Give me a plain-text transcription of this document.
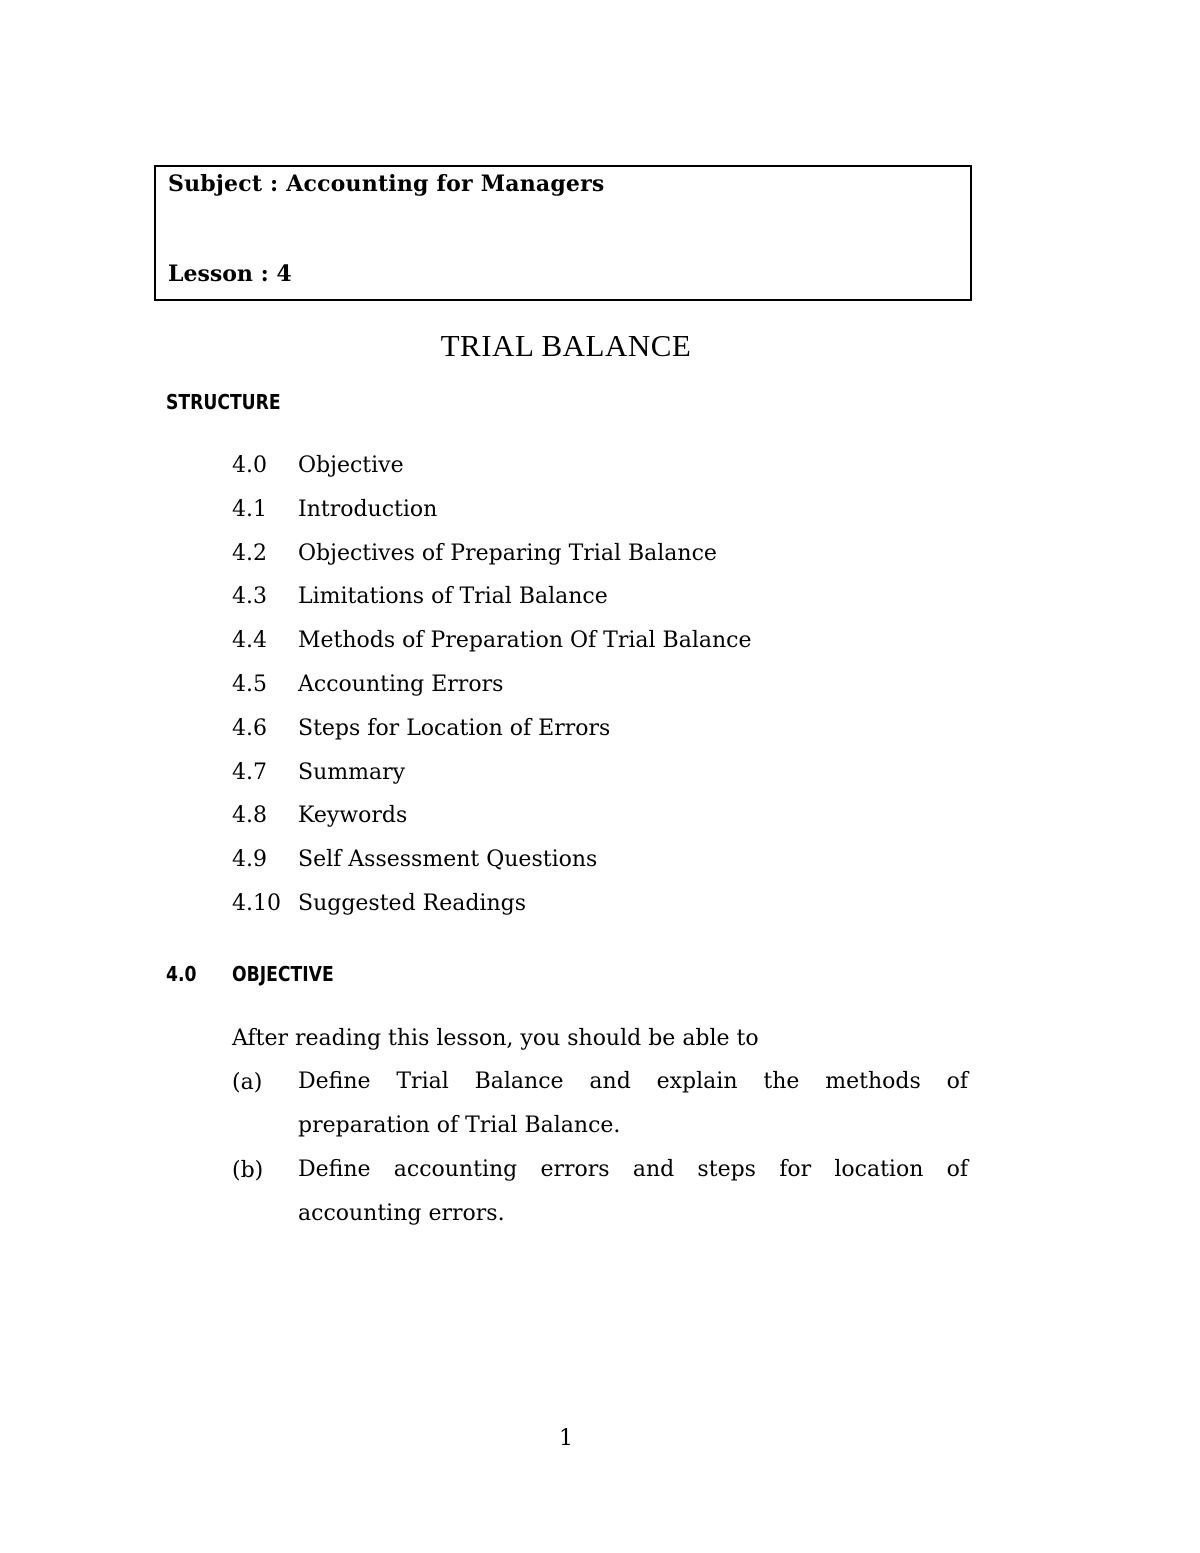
Subject : Accounting for Managers
Lesson : 4
TRIAL BALANCE
STRUCTURE
4.0	Objective
4.1	Introduction
4.2	Objectives of Preparing Trial Balance
4.3	Limitations of Trial Balance
4.4	Methods of Preparation Of Trial Balance
4.5	Accounting Errors
4.6	Steps for Location of Errors
4.7	Summary
4.8	Keywords
4.9	Self Assessment Questions
4.10 Suggested Readings
4.0 OBJECTIVE
After reading this lesson, you should be able to
(a) Define Trial Balance and explain the methods of preparation of Trial Balance.
(b) Define accounting errors and steps for location of accounting errors.
1
